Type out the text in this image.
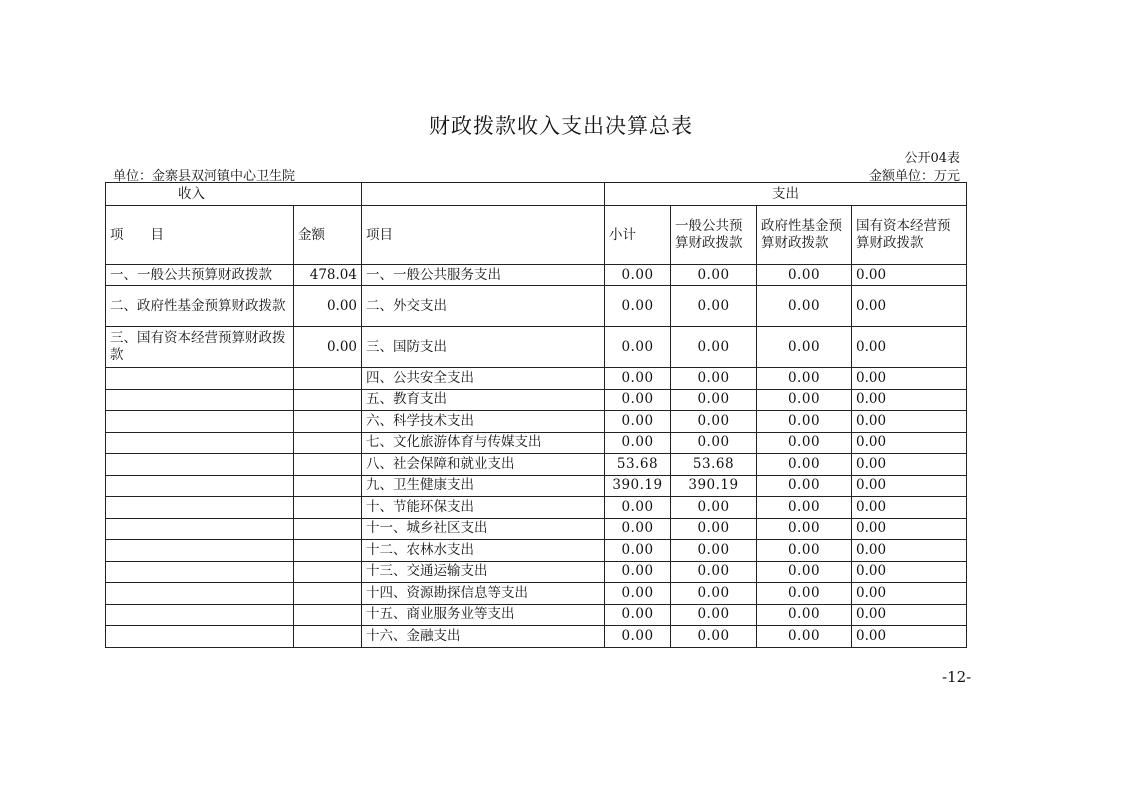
财政拨款收入支出决算总表
公开04表
单位：金寨县双河镇中心卫生院	金额单位：万元
收入			支出			
项　　目	金额	项目	小计	一般公共预算财政拨款	政府性基金预算财政拨款	国有资本经营预算财政拨款
一、一般公共预算财政拨款	478.04	一、一般公共服务支出	0.00	0.00	0.00	0.00
二、政府性基金预算财政拨款	0.00	二、外交支出	0.00	0.00	0.00	0.00
三、国有资本经营预算财政拨款	0.00	三、国防支出	0.00	0.00	0.00	0.00
		四、公共安全支出	0.00	0.00	0.00	0.00
		五、教育支出	0.00	0.00	0.00	0.00
		六、科学技术支出	0.00	0.00	0.00	0.00
		七、文化旅游体育与传媒支出	0.00	0.00	0.00	0.00
		八、社会保障和就业支出	53.68	53.68	0.00	0.00
		九、卫生健康支出	390.19	390.19	0.00	0.00
		十、节能环保支出	0.00	0.00	0.00	0.00
		十一、城乡社区支出	0.00	0.00	0.00	0.00
		十二、农林水支出	0.00	0.00	0.00	0.00
		十三、交通运输支出	0.00	0.00	0.00	0.00
		十四、资源勘探信息等支出	0.00	0.00	0.00	0.00
		十五、商业服务业等支出	0.00	0.00	0.00	0.00
		十六、金融支出	0.00	0.00	0.00	0.00
-12-
